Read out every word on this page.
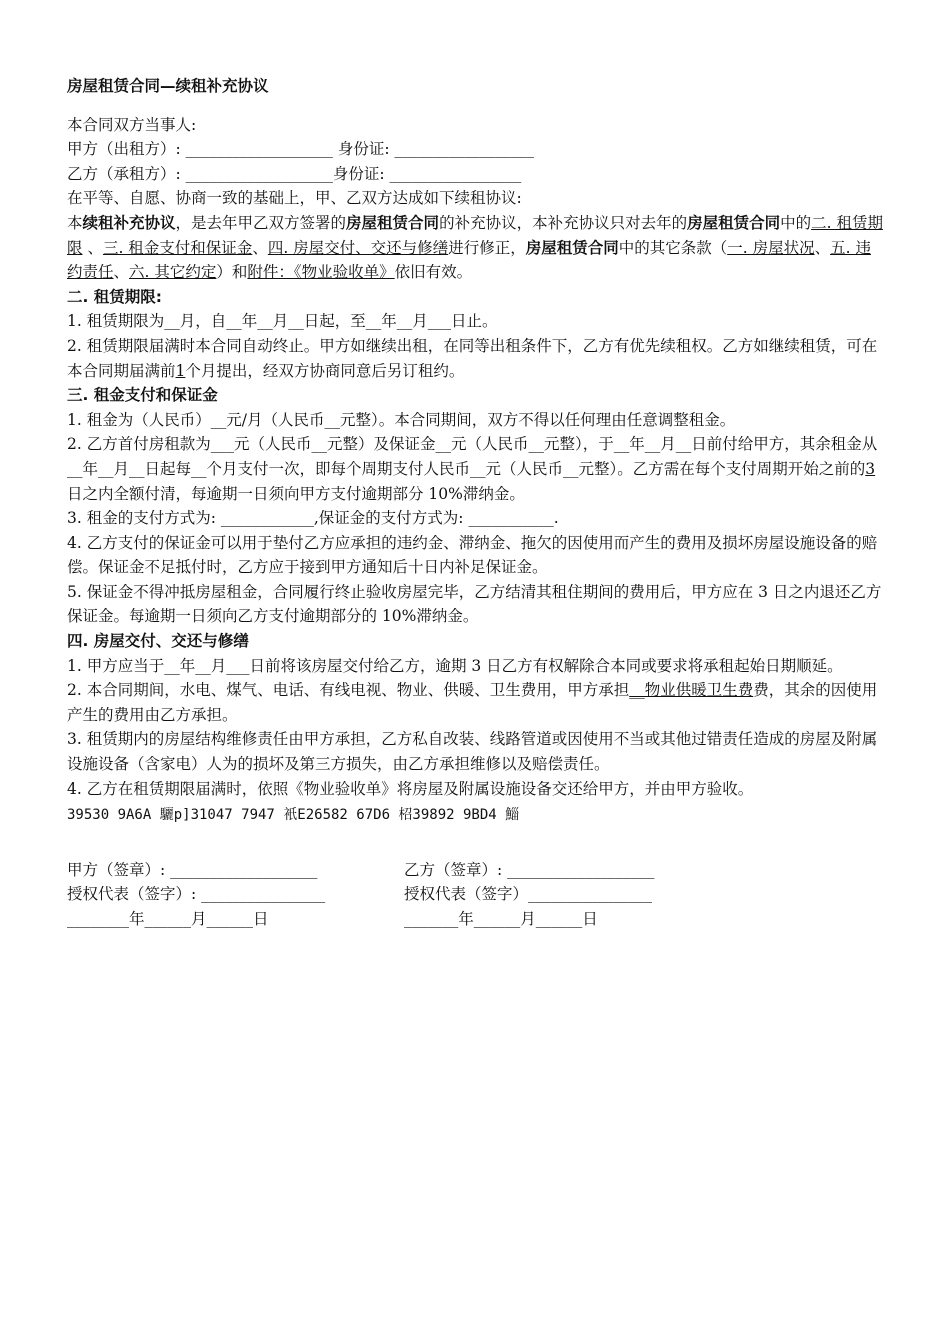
房屋租赁合同—续租补充协议
本合同双方当事人:
甲方（出租方）: ___________________ 身份证: __________________
乙方（承租方）: ___________________身份证: _________________
在平等、自愿、协商一致的基础上，甲、乙双方达成如下续租协议:
本续租补充协议，是去年甲乙双方签署的房屋租赁合同的补充协议，本补充协议只对去年的房屋租赁合同中的二. 租赁期限 、三. 租金支付和保证金、四. 房屋交付、交还与修缮进行修正，房屋租赁合同中的其它条款（一. 房屋状况、五. 违约责任、六. 其它约定）和附件：《物业验收单》依旧有效。
二. 租赁期限:
1. 租赁期限为__月，自__年__月__日起，至__年__月___日止。
2. 租赁期限届满时本合同自动终止。甲方如继续出租，在同等出租条件下，乙方有优先续租权。乙方如继续租赁，可在本合同期届满前1个月提出，经双方协商同意后另订租约。
三. 租金支付和保证金
1. 租金为（人民币）__元/月（人民币__元整）。本合同期间，双方不得以任何理由任意调整租金。
2. 乙方首付房租款为___元（人民币__元整）及保证金__元（人民币__元整），于__年__月__日前付给甲方，其余租金从__年__月__日起每__个月支付一次，即每个周期支付人民币__元（人民币__元整）。乙方需在每个支付周期开始之前的3日之内全额付清，每逾期一日须向甲方支付逾期部分 10%滞纳金。
3. 租金的支付方式为: ____________,保证金的支付方式为: ___________.
4. 乙方支付的保证金可以用于垫付乙方应承担的违约金、滞纳金、拖欠的因使用而产生的费用及损坏房屋设施设备的赔偿。保证金不足抵付时，乙方应于接到甲方通知后十日内补足保证金。
5. 保证金不得冲抵房屋租金，合同履行终止验收房屋完毕，乙方结清其租住期间的费用后，甲方应在 3 日之内退还乙方保证金。每逾期一日须向乙方支付逾期部分的 10%滞纳金。
四. 房屋交付、交还与修缮
1. 甲方应当于__年__月___日前将该房屋交付给乙方，逾期 3 日乙方有权解除合本同或要求将承租起始日期顺延。
2. 本合同期间，水电、煤气、电话、有线电视、物业、供暖、卫生费用，甲方承担__物业供暖卫生费费，其余的因使用产生的费用由乙方承担。
3. 租赁期内的房屋结构维修责任由甲方承担，乙方私自改装、线路管道或因使用不当或其他过错责任造成的房屋及附属设施设备（含家电）人为的损坏及第三方损失，由乙方承担维修以及赔偿责任。
4. 乙方在租赁期限届满时，依照《物业验收单》将房屋及附属设施设备交还给甲方，并由甲方验收。
39530 9A6A 驪p]31047 7947 衹E26582 67D6 柖39892 9BD4 鯔
甲方（签章）: ___________________	乙方（签章）: ___________________
授权代表（签字）: ________________	授权代表（签字）________________
________年______月______日	_______年______月______日
